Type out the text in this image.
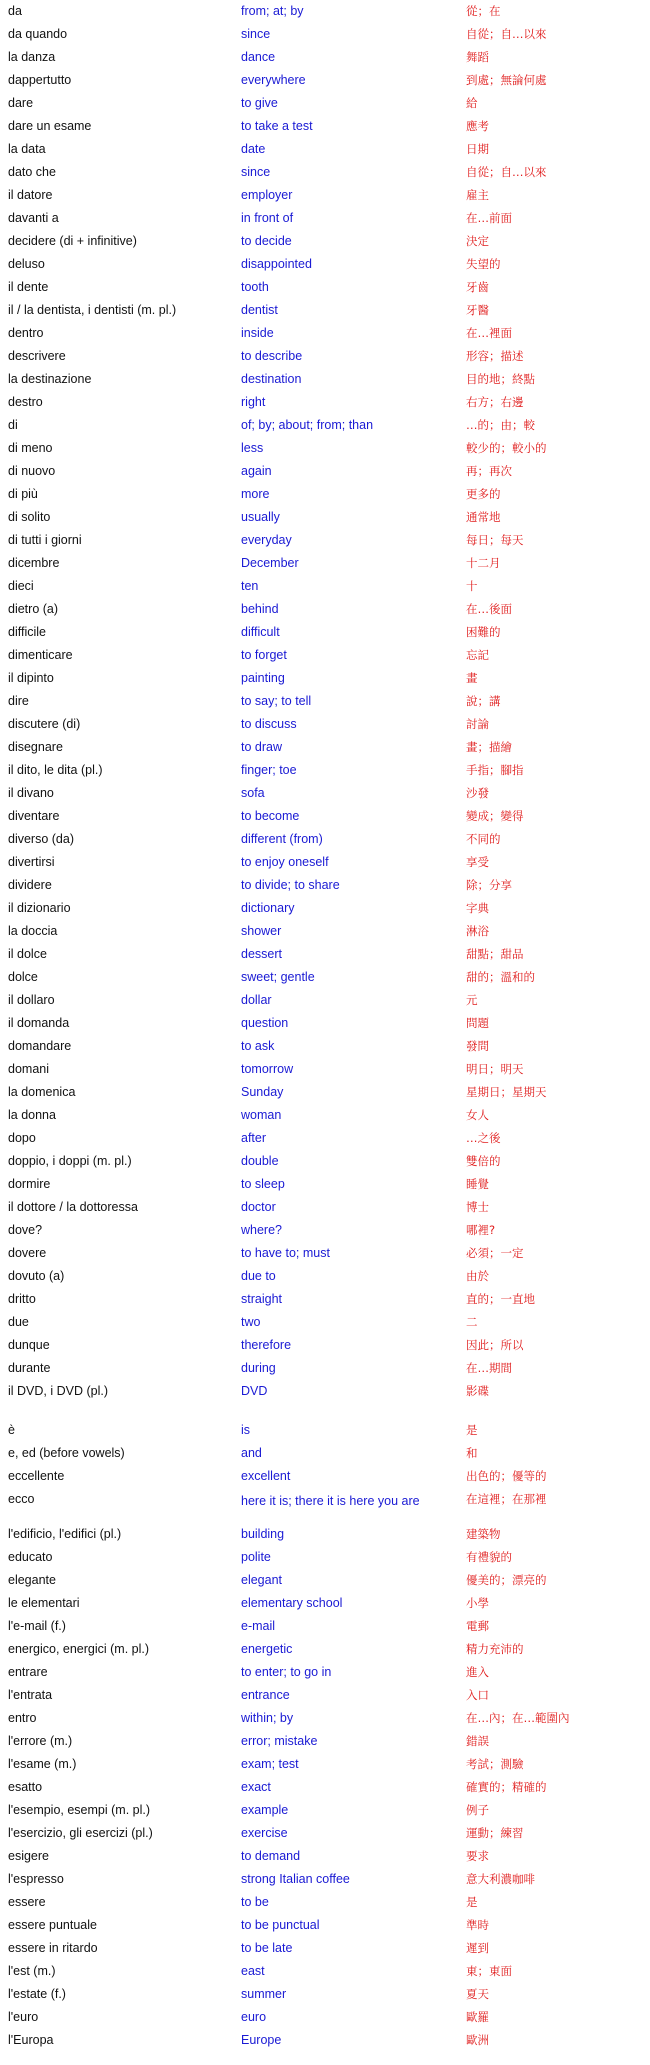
da	from; at; by	從；在
da quando	since	自從；自…以來
la danza	dance	舞蹈
dappertutto	everywhere	到處；無論何處
dare	to give	給
dare un esame	to take a test	應考
la data	date	日期
dato che	since	自從；自…以來
il datore	employer	雇主
davanti a	in front of	在…前面
decidere (di + infinitive)	to decide	決定
deluso	disappointed	失望的
il dente	tooth	牙齒
il / la dentista, i dentisti (m. pl.)	dentist	牙醫
dentro	inside	在…裡面
descrivere	to describe	形容；描述
la destinazione	destination	目的地；終點
destro	right	右方；右邊
di	of; by; about; from; than	…的；由；較
di meno	less	較少的；較小的
di nuovo	again	再；再次
di più	more	更多的
di solito	usually	通常地
di tutti i giorni	everyday	每日；每天
dicembre	December	十二月
dieci	ten	十
dietro (a)	behind	在…後面
difficile	difficult	困難的
dimenticare	to forget	忘記
il dipinto	painting	畫
dire	to say; to tell	說；講
discutere (di)	to discuss	討論
disegnare	to draw	畫；描繪
il dito, le dita (pl.)	finger; toe	手指；腳指
il divano	sofa	沙發
diventare	to become	變成；變得
diverso (da)	different (from)	不同的
divertirsi	to enjoy oneself	享受
dividere	to divide; to share	除；分享
il dizionario	dictionary	字典
la doccia	shower	淋浴
il dolce	dessert	甜點；甜品
dolce	sweet; gentle	甜的；溫和的
il dollaro	dollar	元
il domanda	question	問題
domandare	to ask	發問
domani	tomorrow	明日；明天
la domenica	Sunday	星期日；星期天
la donna	woman	女人
dopo	after	…之後
doppio, i doppi (m. pl.)	double	雙倍的
dormire	to sleep	睡覺
il dottore / la dottoressa	doctor	博士
dove?	where?	哪裡?
dovere	to have to; must	必須；一定
dovuto (a)	due to	由於
dritto	straight	直的；一直地
due	two	二
dunque	therefore	因此；所以
durante	during	在…期間
il DVD, i DVD (pl.)	DVD	影碟

è	is	是
e, ed (before vowels)	and	和
eccellente	excellent	出色的；優等的
ecco	here it is; there it is here you are	在這裡；在那裡
l'edificio, l'edifici (pl.)	building	建築物
educato	polite	有禮貌的
elegante	elegant	優美的；漂亮的
le elementari	elementary school	小學
l'e-mail (f.)	e-mail	電郵
energico, energici (m. pl.)	energetic	精力充沛的
entrare	to enter; to go in	進入
l'entrata	entrance	入口
entro	within; by	在…內；在…範圍內
l'errore (m.)	error; mistake	錯誤
l'esame (m.)	exam; test	考試；測驗
esatto	exact	確實的；精確的
l'esempio, esempi (m. pl.)	example	例子
l'esercizio, gli esercizi (pl.)	exercise	運動；練習
esigere	to demand	要求
l'espresso	strong Italian coffee	意大利濃咖啡
essere	to be	是
essere puntuale	to be punctual	準時
essere in ritardo	to be late	遲到
l'est (m.)	east	東；東面
l'estate (f.)	summer	夏天
l'euro	euro	歐羅
l'Europa	Europe	歐洲
